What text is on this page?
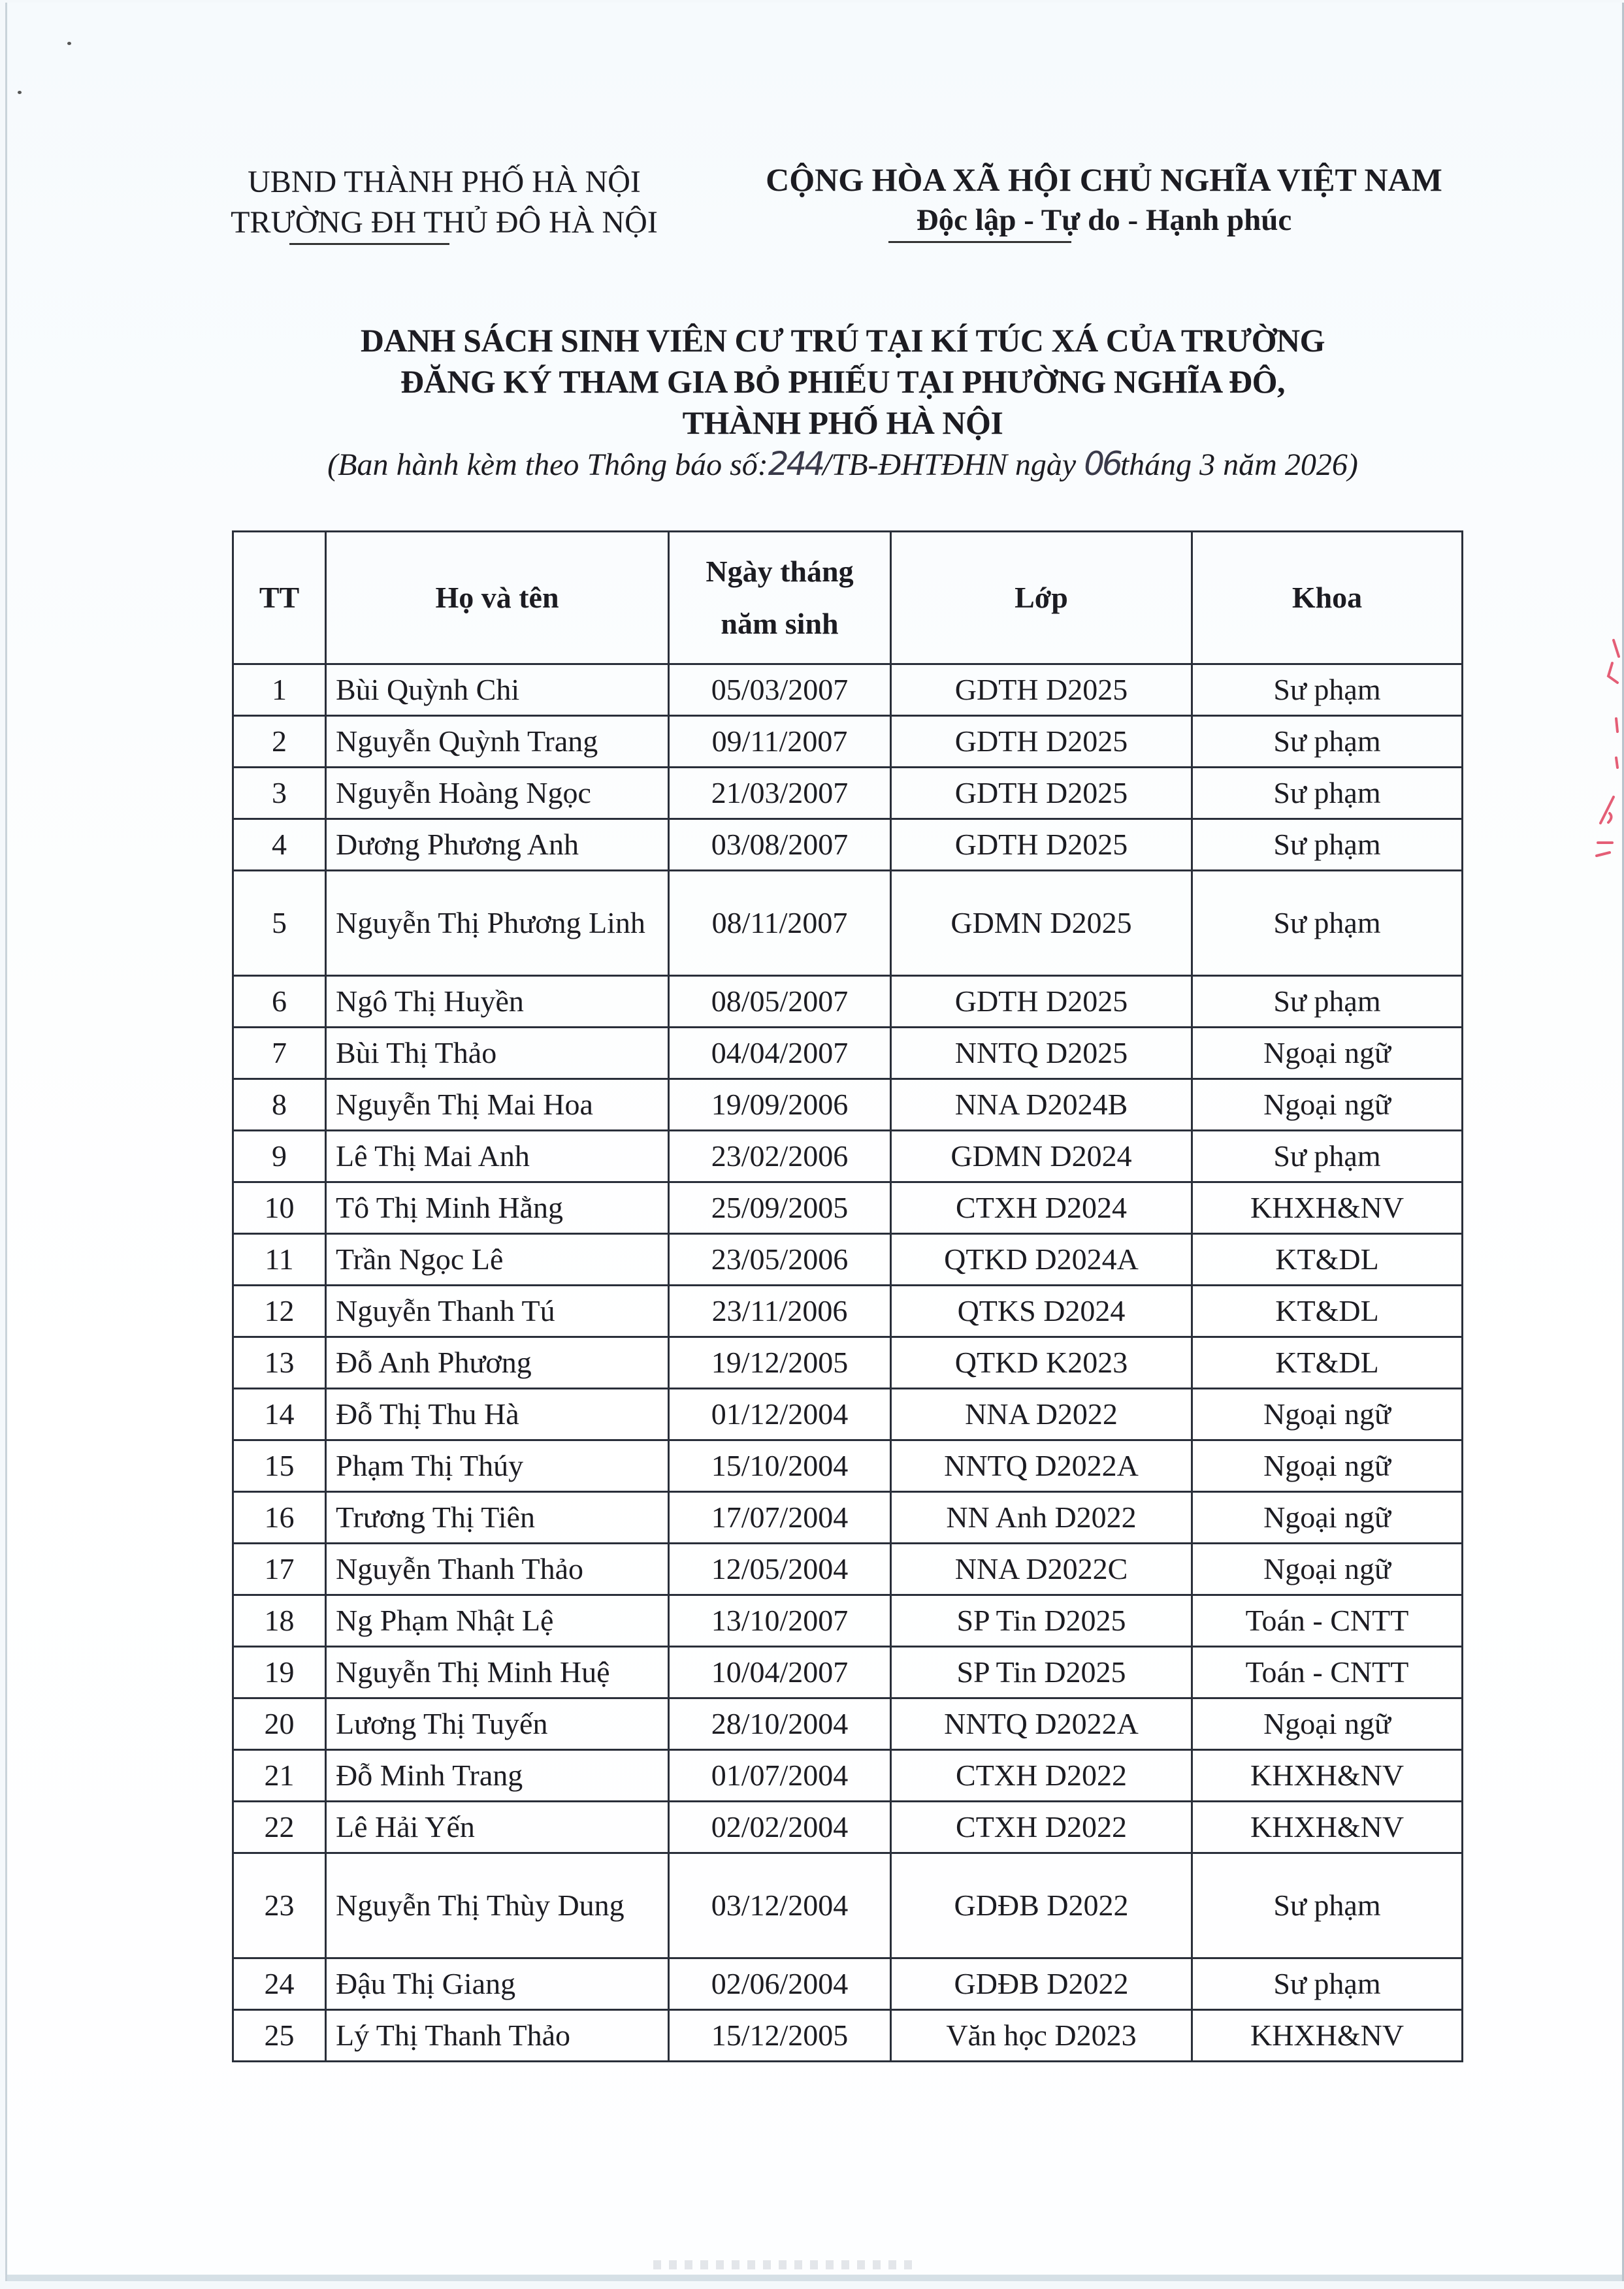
UBND THÀNH PHỐ HÀ NỘI
TRƯỜNG ĐH THỦ ĐÔ HÀ NỘI
CỘNG HÒA XÃ HỘI CHỦ NGHĨA VIỆT NAM
Độc lập - Tự do - Hạnh phúc
DANH SÁCH SINH VIÊN CƯ TRÚ TẠI KÍ TÚC XÁ CỦA TRƯỜNG
ĐĂNG KÝ THAM GIA BỎ PHIẾU TẠI PHƯỜNG NGHĨA ĐÔ,
THÀNH PHỐ HÀ NỘI
(Ban hành kèm theo Thông báo số:244/TB-ĐHTĐHN ngày 06tháng 3 năm 2026)
TT	Họ và tên	Ngày tháng năm sinh	Lớp	Khoa
1	Bùi Quỳnh Chi	05/03/2007	GDTH D2025	Sư phạm
2	Nguyễn Quỳnh Trang	09/11/2007	GDTH D2025	Sư phạm
3	Nguyễn Hoàng Ngọc	21/03/2007	GDTH D2025	Sư phạm
4	Dương Phương Anh	03/08/2007	GDTH D2025	Sư phạm
5	Nguyễn Thị Phương Linh	08/11/2007	GDMN D2025	Sư phạm
6	Ngô Thị Huyền	08/05/2007	GDTH D2025	Sư phạm
7	Bùi Thị Thảo	04/04/2007	NNTQ D2025	Ngoại ngữ
8	Nguyễn Thị Mai Hoa	19/09/2006	NNA D2024B	Ngoại ngữ
9	Lê Thị Mai Anh	23/02/2006	GDMN D2024	Sư phạm
10	Tô Thị Minh Hằng	25/09/2005	CTXH D2024	KHXH&NV
11	Trần Ngọc Lê	23/05/2006	QTKD D2024A	KT&DL
12	Nguyễn Thanh Tú	23/11/2006	QTKS D2024	KT&DL
13	Đỗ Anh Phương	19/12/2005	QTKD K2023	KT&DL
14	Đỗ Thị Thu Hà	01/12/2004	NNA D2022	Ngoại ngữ
15	Phạm Thị Thúy	15/10/2004	NNTQ D2022A	Ngoại ngữ
16	Trương Thị Tiên	17/07/2004	NN Anh D2022	Ngoại ngữ
17	Nguyễn Thanh Thảo	12/05/2004	NNA D2022C	Ngoại ngữ
18	Ng Phạm Nhật Lệ	13/10/2007	SP Tin D2025	Toán - CNTT
19	Nguyễn Thị Minh Huệ	10/04/2007	SP Tin D2025	Toán - CNTT
20	Lương Thị Tuyến	28/10/2004	NNTQ D2022A	Ngoại ngữ
21	Đỗ Minh Trang	01/07/2004	CTXH D2022	KHXH&NV
22	Lê Hải Yến	02/02/2004	CTXH D2022	KHXH&NV
23	Nguyễn Thị Thùy Dung	03/12/2004	GDĐB D2022	Sư phạm
24	Đậu Thị Giang	02/06/2004	GDĐB D2022	Sư phạm
25	Lý Thị Thanh Thảo	15/12/2005	Văn học D2023	KHXH&NV
